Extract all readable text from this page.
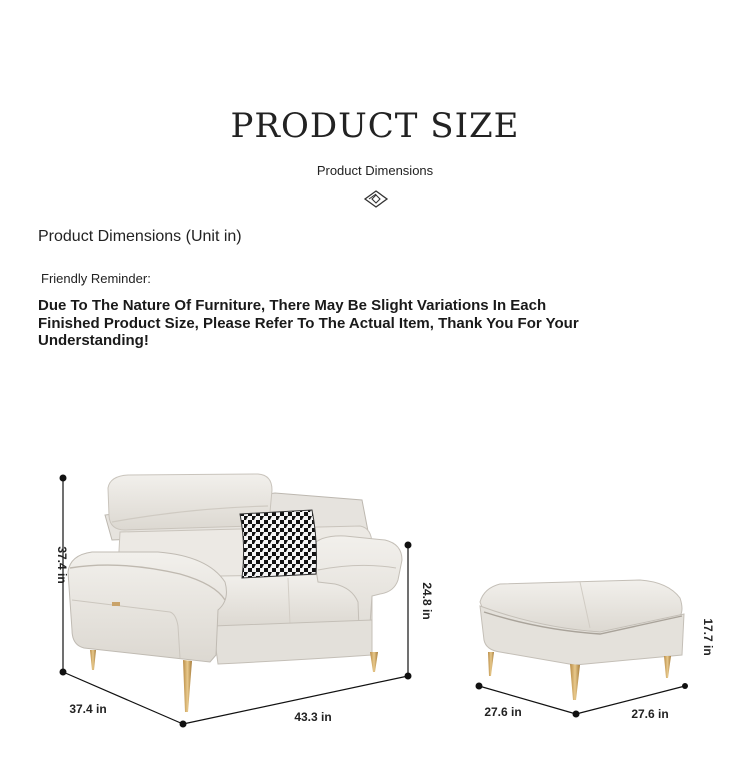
PRODUCT SIZE
Product Dimensions
Product Dimensions (Unit in)
Friendly Reminder:
Due To The Nature Of Furniture, There May Be Slight Variations In Each Finished Product Size, Please Refer To The Actual Item, Thank You For Your Understanding!
37.4 in
24.8 in
37.4 in
43.3 in
17.7 in
27.6 in	27.6 in
